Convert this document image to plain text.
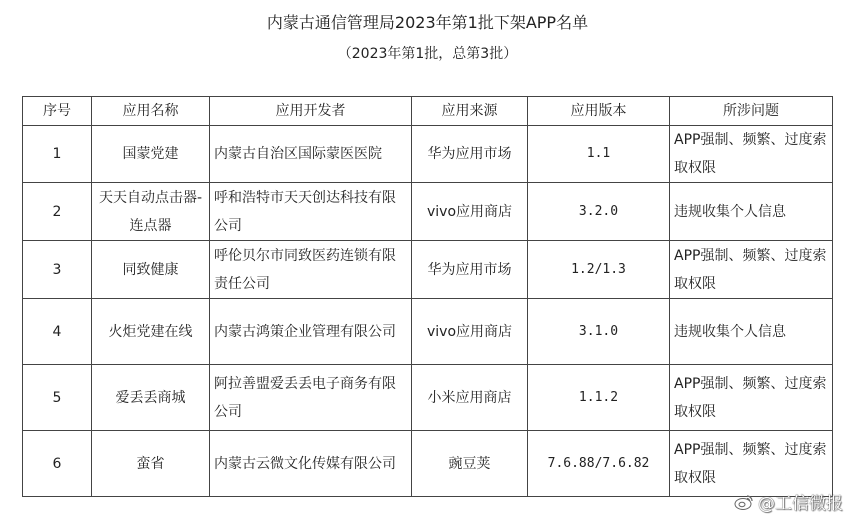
内蒙古通信管理局2023年第1批下架APP名单
（2023年第1批，总第3批）
序号	应用名称	应用开发者	应用来源	应用版本	所涉问题
1	国蒙党建	内蒙古自治区国际蒙医医院	华为应用市场	1.1	APP强制、频繁、过度索取权限
2	天天自动点击器-连点器	呼和浩特市天天创达科技有限公司	vivo应用商店	3.2.0	违规收集个人信息
3	同致健康	呼伦贝尔市同致医药连锁有限责任公司	华为应用市场	1.2/1.3	APP强制、频繁、过度索取权限
4	火炬党建在线	内蒙古鸿策企业管理有限公司	vivo应用商店	3.1.0	违规收集个人信息
5	爱丢丢商城	阿拉善盟爱丢丢电子商务有限公司	小米应用商店	1.1.2	APP强制、频繁、过度索取权限
6	蛮省	内蒙古云微文化传媒有限公司	豌豆荚	7.6.88/7.6.82	APP强制、频繁、过度索取权限
@工信微报
